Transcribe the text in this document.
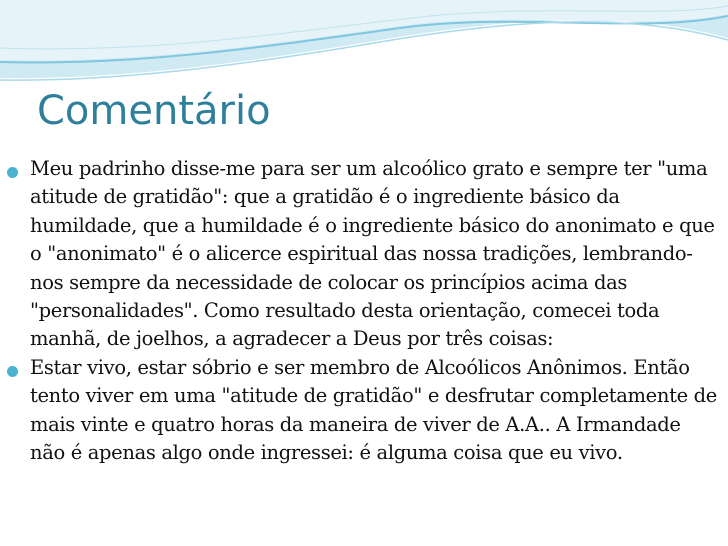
Comentário
Meu padrinho disse-me para ser um alcoólico grato e sempre ter "uma atitude de gratidão": que a gratidão é o ingrediente básico da humildade, que a humildade é o ingrediente básico do anonimato e que o "anonimato" é o alicerce espiritual das nossa tradições, lembrando-nos sempre da necessidade de colocar os princípios acima das "personalidades". Como resultado desta orientação, comecei toda manhã, de joelhos, a agradecer a Deus por três coisas:
Estar vivo, estar sóbrio e ser membro de Alcoólicos Anônimos. Então tento viver em uma "atitude de gratidão" e desfrutar completamente de mais vinte e quatro horas da maneira de viver de A.A.. A Irmandade não é apenas algo onde ingressei: é alguma coisa que eu vivo.
